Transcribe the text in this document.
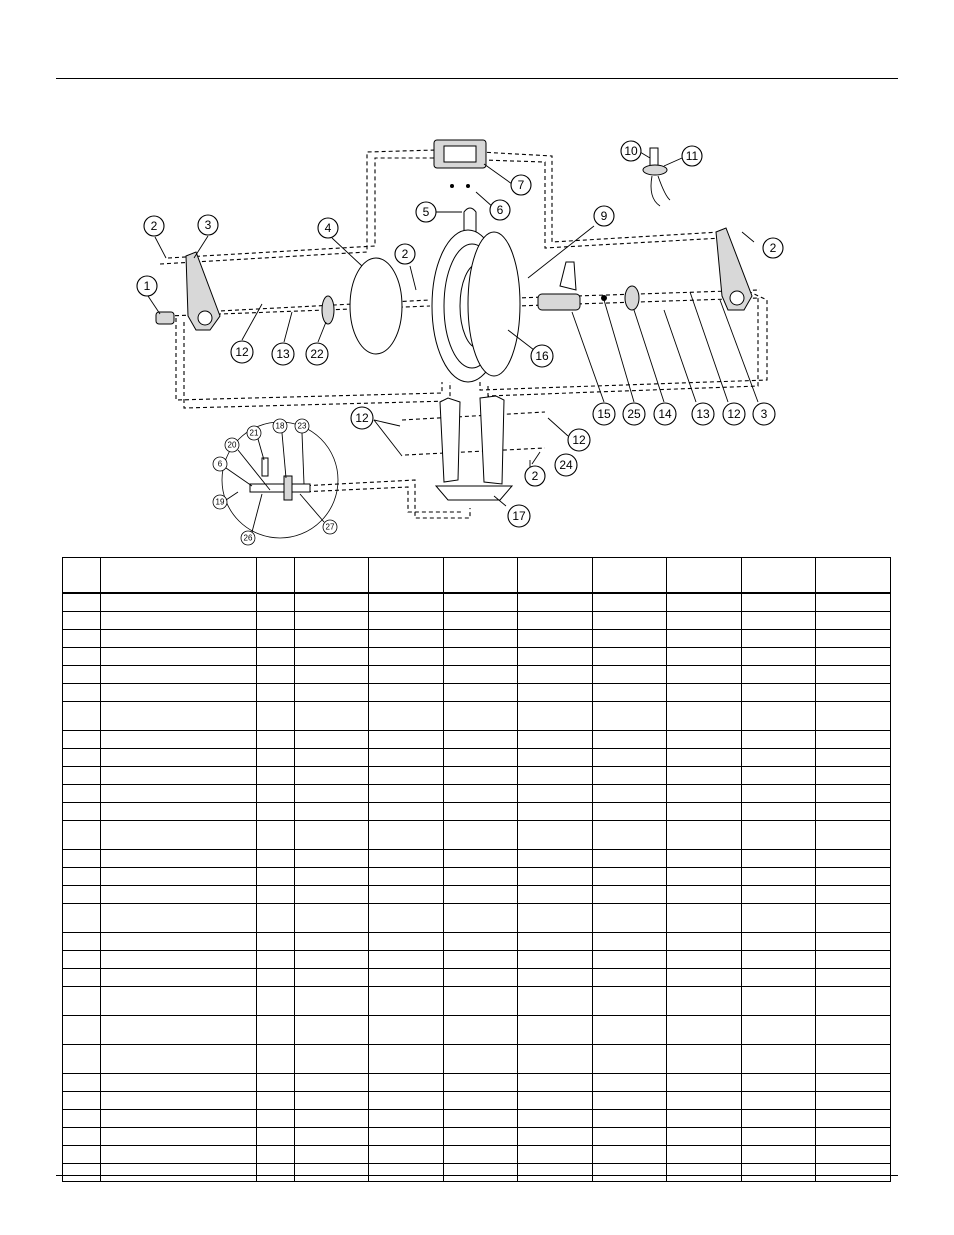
1
2	3	4
2
5	6
7
9
10	11
2
12 13 22	16
15 25 14 13 12 3
12
12
24
2
17
21
18 23
20
6
19
26
27
